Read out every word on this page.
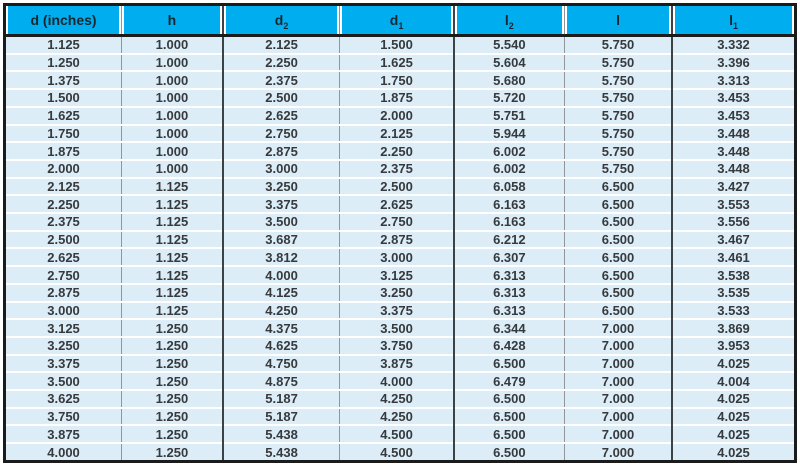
d (inches)	h	$d_2$	$d_1$	$l_2$	l	$l_1$
1.125	1.000	2.125	1.500	5.540	5.750	3.332
1.250	1.000	2.250	1.625	5.604	5.750	3.396
1.375	1.000	2.375	1.750	5.680	5.750	3.313
1.500	1.000	2.500	1.875	5.720	5.750	3.453
1.625	1.000	2.625	2.000	5.751	5.750	3.453
1.750	1.000	2.750	2.125	5.944	5.750	3.448
1.875	1.000	2.875	2.250	6.002	5.750	3.448
2.000	1.000	3.000	2.375	6.002	5.750	3.448
2.125	1.125	3.250	2.500	6.058	6.500	3.427
2.250	1.125	3.375	2.625	6.163	6.500	3.553
2.375	1.125	3.500	2.750	6.163	6.500	3.556
2.500	1.125	3.687	2.875	6.212	6.500	3.467
2.625	1.125	3.812	3.000	6.307	6.500	3.461
2.750	1.125	4.000	3.125	6.313	6.500	3.538
2.875	1.125	4.125	3.250	6.313	6.500	3.535
3.000	1.125	4.250	3.375	6.313	6.500	3.533
3.125	1.250	4.375	3.500	6.344	7.000	3.869
3.250	1.250	4.625	3.750	6.428	7.000	3.953
3.375	1.250	4.750	3.875	6.500	7.000	4.025
3.500	1.250	4.875	4.000	6.479	7.000	4.004
3.625	1.250	5.187	4.250	6.500	7.000	4.025
3.750	1.250	5.187	4.250	6.500	7.000	4.025
3.875	1.250	5.438	4.500	6.500	7.000	4.025
4.000	1.250	5.438	4.500	6.500	7.000	4.025
